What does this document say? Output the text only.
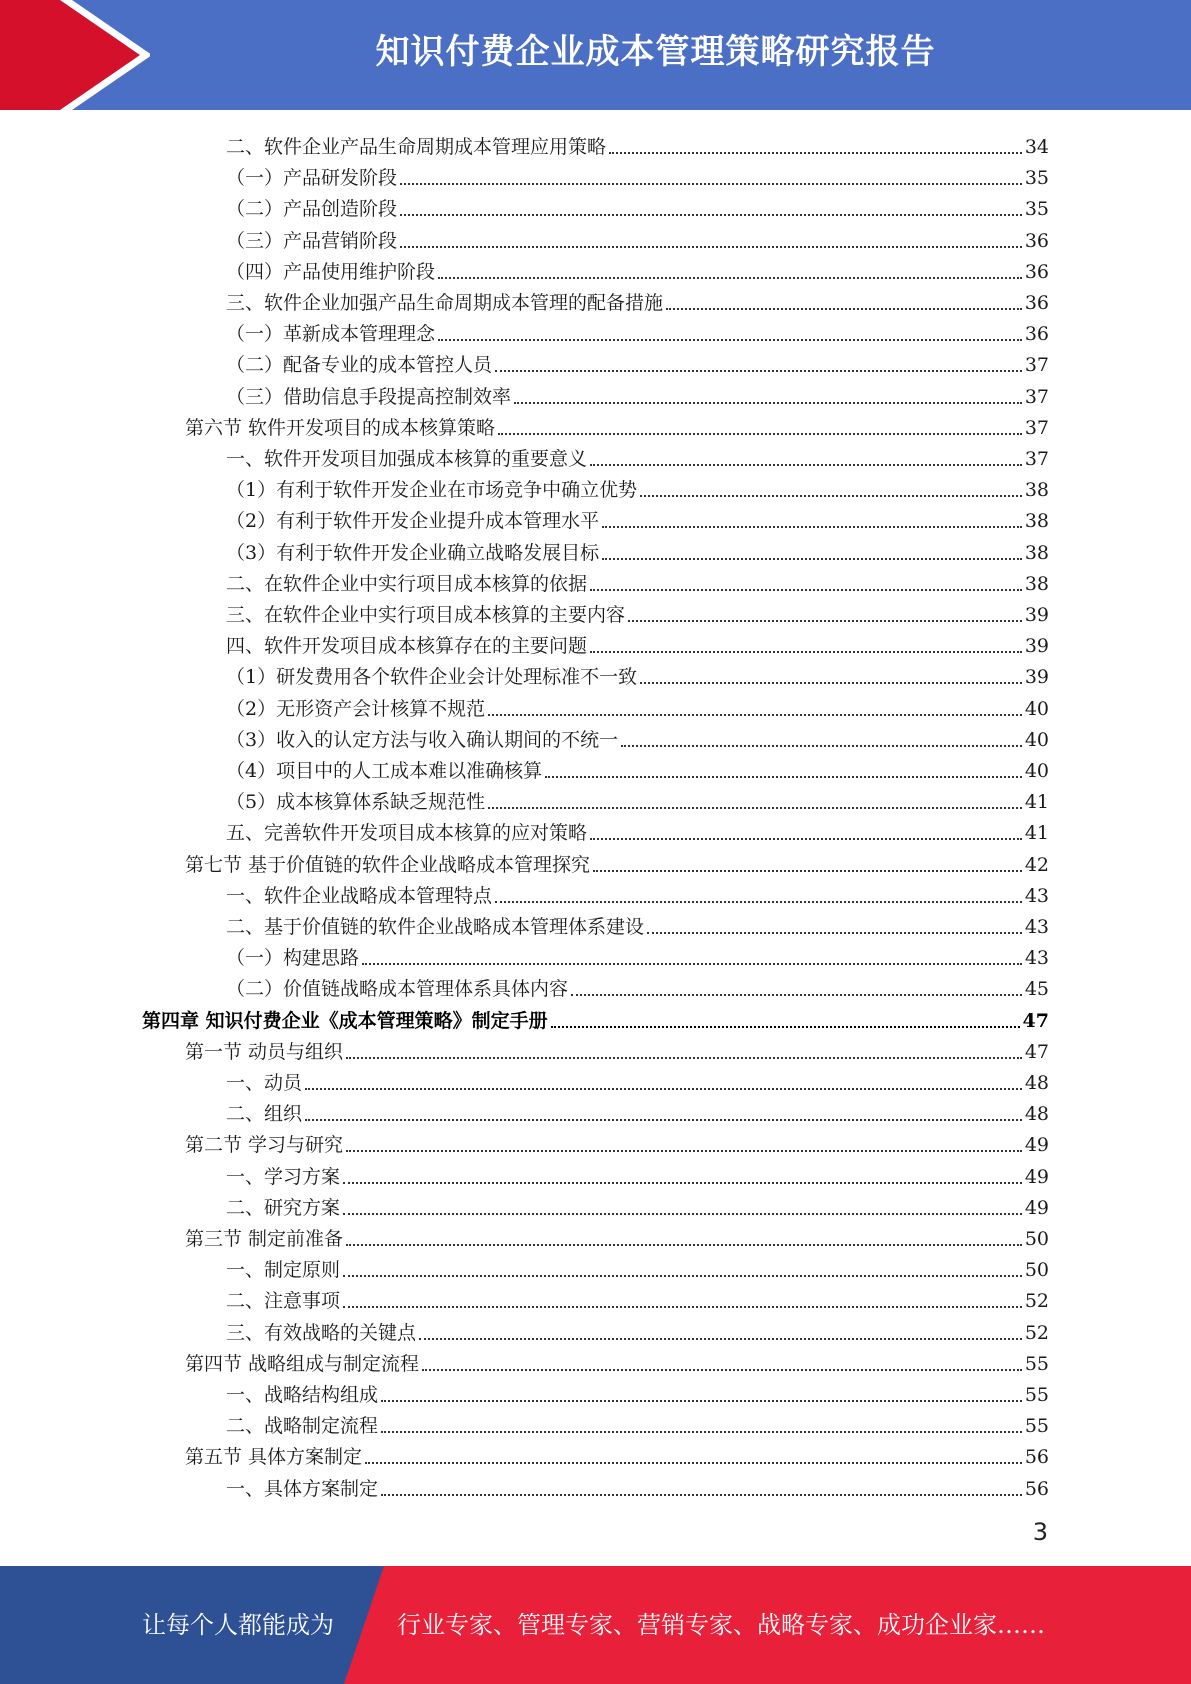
知识付费企业成本管理策略研究报告
二、软件企业产品生命周期成本管理应用策略	34
（一）产品研发阶段	35
（二）产品创造阶段	35
（三）产品营销阶段	36
（四）产品使用维护阶段	36
三、软件企业加强产品生命周期成本管理的配备措施	36
（一）革新成本管理理念	36
（二）配备专业的成本管控人员	37
（三）借助信息手段提高控制效率	37
第六节 软件开发项目的成本核算策略	37
一、软件开发项目加强成本核算的重要意义	37
（1）有利于软件开发企业在市场竞争中确立优势	38
（2）有利于软件开发企业提升成本管理水平	38
（3）有利于软件开发企业确立战略发展目标	38
二、在软件企业中实行项目成本核算的依据	38
三、在软件企业中实行项目成本核算的主要内容	39
四、软件开发项目成本核算存在的主要问题	39
（1）研发费用各个软件企业会计处理标准不一致	39
（2）无形资产会计核算不规范	40
（3）收入的认定方法与收入确认期间的不统一	40
（4）项目中的人工成本难以准确核算	40
（5）成本核算体系缺乏规范性	41
五、完善软件开发项目成本核算的应对策略	41
第七节 基于价值链的软件企业战略成本管理探究	42
一、软件企业战略成本管理特点	43
二、基于价值链的软件企业战略成本管理体系建设	43
（一）构建思路	43
（二）价值链战略成本管理体系具体内容	45
第四章 知识付费企业《成本管理策略》制定手册	47
第一节 动员与组织	47
一、动员	48
二、组织	48
第二节 学习与研究	49
一、学习方案	49
二、研究方案	49
第三节 制定前准备	50
一、制定原则	50
二、注意事项	52
三、有效战略的关键点	52
第四节 战略组成与制定流程	55
一、战略结构组成	55
二、战略制定流程	55
第五节 具体方案制定	56
一、具体方案制定	56
3
让每个人都能成为	行业专家、管理专家、营销专家、战略专家、成功企业家……
